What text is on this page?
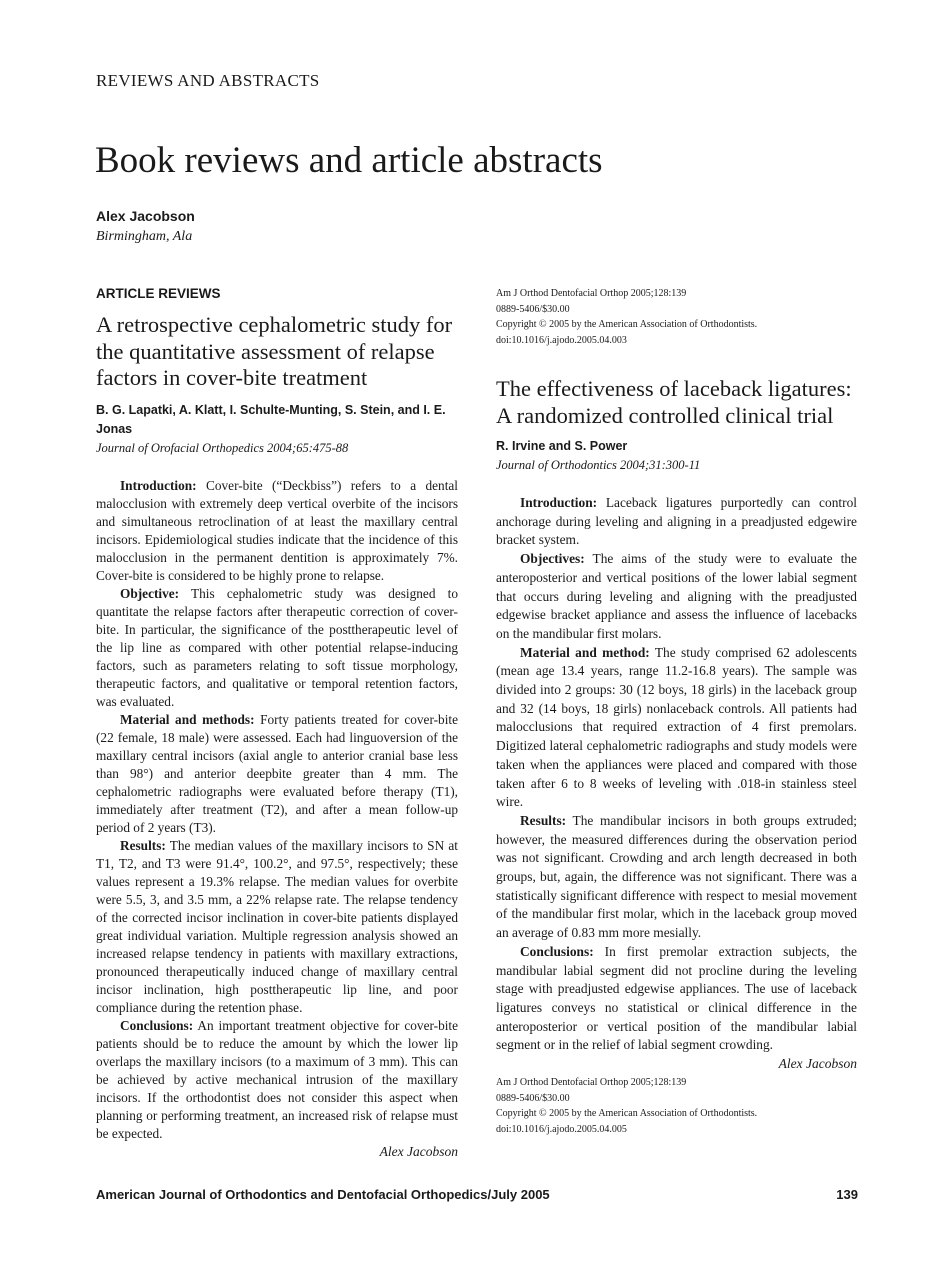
REVIEWS AND ABSTRACTS
Book reviews and article abstracts
Alex Jacobson
Birmingham, Ala
ARTICLE REVIEWS
A retrospective cephalometric study for the quantitative assessment of relapse factors in cover-bite treatment
B. G. Lapatki, A. Klatt, I. Schulte-Munting, S. Stein, and I. E. Jonas
Journal of Orofacial Orthopedics 2004;65:475-88

Introduction: Cover-bite (“Deckbiss”) refers to a dental malocclusion with extremely deep vertical overbite of the incisors and simultaneous retroclination of at least the maxillary central incisors. Epidemiological studies indicate that the incidence of this malocclusion in the permanent dentition is approximately 7%. Cover-bite is considered to be highly prone to relapse.

Objective: This cephalometric study was designed to quantitate the relapse factors after therapeutic correction of cover-bite. In particular, the significance of the posttherapeutic level of the lip line as compared with other potential relapse-inducing factors, such as parameters relating to soft tissue morphology, therapeutic factors, and qualitative or temporal retention factors, was evaluated.

Material and methods: Forty patients treated for cover-bite (22 female, 18 male) were assessed. Each had linguoversion of the maxillary central incisors (axial angle to anterior cranial base less than 98°) and anterior deepbite greater than 4 mm. The cephalometric radiographs were evaluated before therapy (T1), immediately after treatment (T2), and after a mean follow-up period of 2 years (T3).

Results: The median values of the maxillary incisors to SN at T1, T2, and T3 were 91.4°, 100.2°, and 97.5°, respectively; these values represent a 19.3% relapse. The median values for overbite were 5.5, 3, and 3.5 mm, a 22% relapse rate. The relapse tendency of the corrected incisor inclination in cover-bite patients displayed great individual variation. Multiple regression analysis showed an increased relapse tendency in patients with maxillary extractions, pronounced therapeutically induced change of maxillary central incisor inclination, high posttherapeutic lip line, and poor compliance during the retention phase.

Conclusions: An important treatment objective for cover-bite patients should be to reduce the amount by which the lower lip overlaps the maxillary incisors (to a maximum of 3 mm). This can be achieved by active mechanical intrusion of the maxillary incisors. If the orthodontist does not consider this aspect when planning or performing treatment, an increased risk of relapse must be expected.

Alex Jacobson
Am J Orthod Dentofacial Orthop 2005;128:139
0889-5406/$30.00
Copyright © 2005 by the American Association of Orthodontists.
doi:10.1016/j.ajodo.2005.04.003
The effectiveness of laceback ligatures: A randomized controlled clinical trial
R. Irvine and S. Power
Journal of Orthodontics 2004;31:300-11

Introduction: Laceback ligatures purportedly can control anchorage during leveling and aligning in a preadjusted edgewire bracket system.

Objectives: The aims of the study were to evaluate the anteroposterior and vertical positions of the lower labial segment that occurs during leveling and aligning with the preadjusted edgewise bracket appliance and assess the influence of lacebacks on the mandibular first molars.

Material and method: The study comprised 62 adolescents (mean age 13.4 years, range 11.2-16.8 years). The sample was divided into 2 groups: 30 (12 boys, 18 girls) in the laceback group and 32 (14 boys, 18 girls) nonlaceback controls. All patients had malocclusions that required extraction of 4 first premolars. Digitized lateral cephalometric radiographs and study models were taken when the appliances were placed and compared with those taken after 6 to 8 weeks of leveling with .018-in stainless steel wire.

Results: The mandibular incisors in both groups extruded; however, the measured differences during the observation period was not significant. Crowding and arch length decreased in both groups, but, again, the difference was not significant. There was a statistically significant difference with respect to mesial movement of the mandibular first molar, which in the laceback group moved an average of 0.83 mm more mesially.

Conclusions: In first premolar extraction subjects, the mandibular labial segment did not procline during the leveling stage with preadjusted edgewise appliances. The use of laceback ligatures conveys no statistical or clinical difference in the anteroposterior or vertical position of the mandibular labial segment or in the relief of labial segment crowding.

Alex Jacobson
Am J Orthod Dentofacial Orthop 2005;128:139
0889-5406/$30.00
Copyright © 2005 by the American Association of Orthodontists.
doi:10.1016/j.ajodo.2005.04.005
American Journal of Orthodontics and Dentofacial Orthopedics/July 2005	139
